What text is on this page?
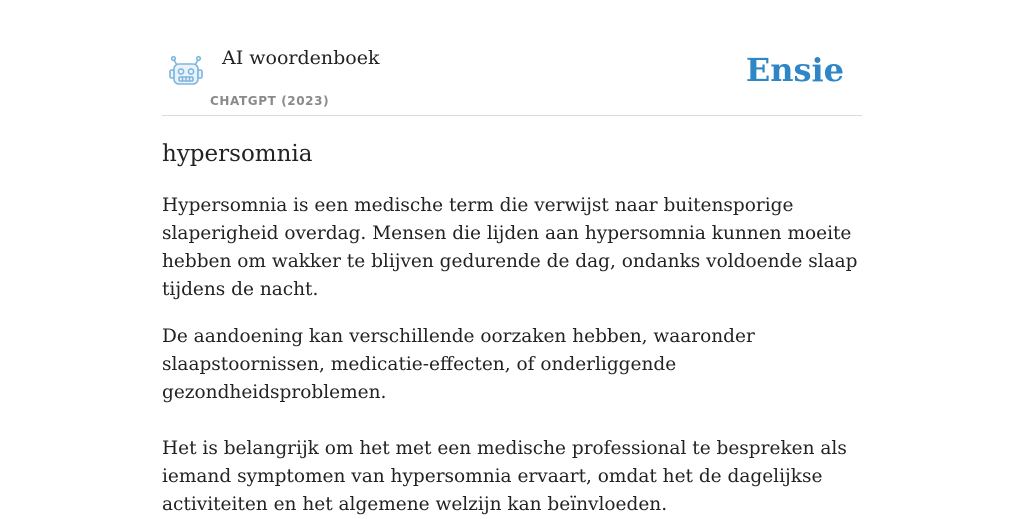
AI woordenboek
CHATGPT (2023)
Ensie
hypersomnia

Hypersomnia is een medische term die verwijst naar buitensporige slaperigheid overdag. Mensen die lijden aan hypersomnia kunnen moeite hebben om wakker te blijven gedurende de dag, ondanks voldoende slaap tijdens de nacht.

De aandoening kan verschillende oorzaken hebben, waaronder slaapstoornissen, medicatie-effecten, of onderliggende gezondheidsproblemen.

Het is belangrijk om het met een medische professional te bespreken als iemand symptomen van hypersomnia ervaart, omdat het de dagelijkse activiteiten en het algemene welzijn kan beïnvloeden.
